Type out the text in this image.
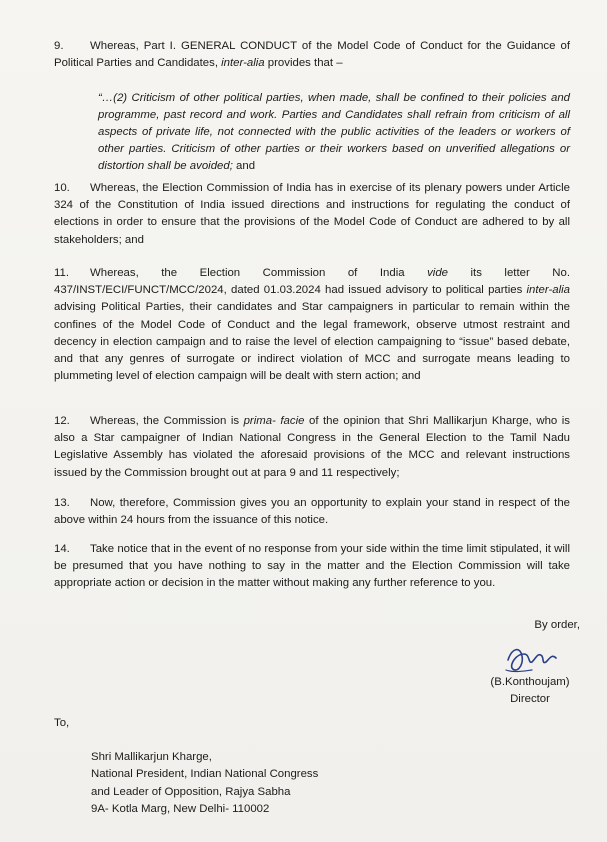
9. Whereas, Part I. GENERAL CONDUCT of the Model Code of Conduct for the Guidance of Political Parties and Candidates, inter-alia provides that –

“…(2) Criticism of other political parties, when made, shall be confined to their policies and programme, past record and work. Parties and Candidates shall refrain from criticism of all aspects of private life, not connected with the public activities of the leaders or workers of other parties. Criticism of other parties or their workers based on unverified allegations or distortion shall be avoided; and

10. Whereas, the Election Commission of India has in exercise of its plenary powers under Article 324 of the Constitution of India issued directions and instructions for regulating the conduct of elections in order to ensure that the provisions of the Model Code of Conduct are adhered to by all stakeholders; and

11. Whereas, the Election Commission of India vide its letter No. 437/INST/ECI/FUNCT/MCC/2024, dated 01.03.2024 had issued advisory to political parties inter-alia advising Political Parties, their candidates and Star campaigners in particular to remain within the confines of the Model Code of Conduct and the legal framework, observe utmost restraint and decency in election campaign and to raise the level of election campaigning to “issue” based debate, and that any genres of surrogate or indirect violation of MCC and surrogate means leading to plummeting level of election campaign will be dealt with stern action; and

12. Whereas, the Commission is prima- facie of the opinion that Shri Mallikarjun Kharge, who is also a Star campaigner of Indian National Congress in the General Election to the Tamil Nadu Legislative Assembly has violated the aforesaid provisions of the MCC and relevant instructions issued by the Commission brought out at para 9 and 11 respectively;

13. Now, therefore, Commission gives you an opportunity to explain your stand in respect of the above within 24 hours from the issuance of this notice.

14. Take notice that in the event of no response from your side within the time limit stipulated, it will be presumed that you have nothing to say in the matter and the Election Commission will take appropriate action or decision in the matter without making any further reference to you.

By order,
(B.Konthoujam)
Director
To,
Shri Mallikarjun Kharge,
National President, Indian National Congress
and Leader of Opposition, Rajya Sabha
9A- Kotla Marg, New Delhi- 110002
